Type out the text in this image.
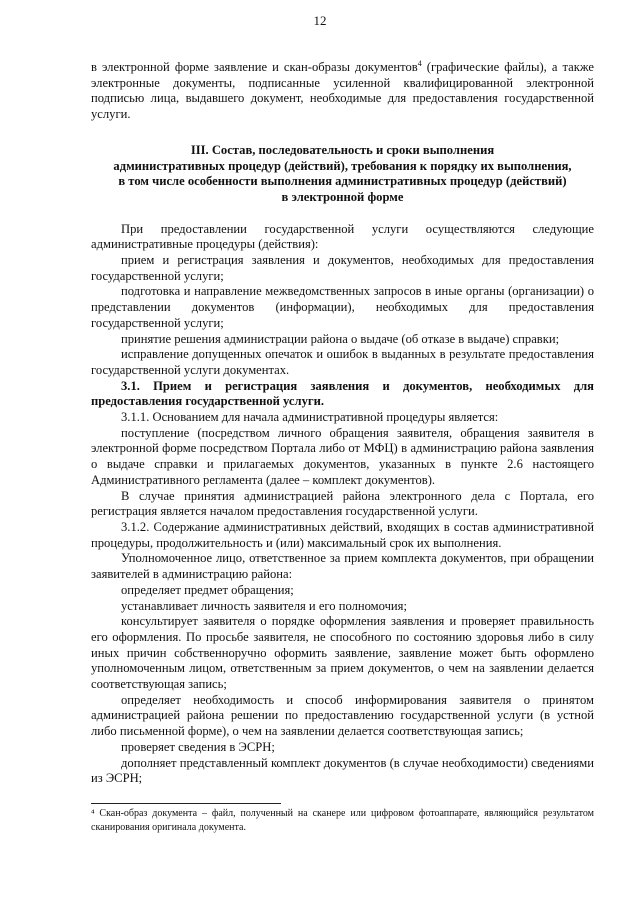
12

в электронной форме заявление и скан-образы документов$^4$ (графические файлы), а также электронные документы, подписанные усиленной квалифицированной электронной подписью лица, выдавшего документ, необходимые для предоставления государственной услуги.

III. Состав, последовательность и сроки выполнения
административных процедур (действий), требования к порядку их выполнения,
в том числе особенности выполнения административных процедур (действий)
в электронной форме

При предоставлении государственной услуги осуществляются следующие административные процедуры (действия):

прием и регистрация заявления и документов, необходимых для предоставления государственной услуги;

подготовка и направление межведомственных запросов в иные органы (организации) о представлении документов (информации), необходимых для предоставления государственной услуги;

принятие решения администрации района о выдаче (об отказе в выдаче) справки;

исправление допущенных опечаток и ошибок в выданных в результате предоставления государственной услуги документах.

3.1. Прием и регистрация заявления и документов, необходимых для предоставления государственной услуги.

3.1.1. Основанием для начала административной процедуры является:

поступление (посредством личного обращения заявителя, обращения заявителя в электронной форме посредством Портала либо от МФЦ) в администрацию района заявления о выдаче справки и прилагаемых документов, указанных в пункте 2.6 настоящего Административного регламента (далее – комплект документов).

В случае принятия администрацией района электронного дела с Портала, его регистрация является началом предоставления государственной услуги.

3.1.2. Содержание административных действий, входящих в состав административной процедуры, продолжительность и (или) максимальный срок их выполнения.

Уполномоченное лицо, ответственное за прием комплекта документов, при обращении заявителей в администрацию района:

определяет предмет обращения;

устанавливает личность заявителя и его полномочия;

консультирует заявителя о порядке оформления заявления и проверяет правильность его оформления. По просьбе заявителя, не способного по состоянию здоровья либо в силу иных причин собственноручно оформить заявление, заявление может быть оформлено уполномоченным лицом, ответственным за прием документов, о чем на заявлении делается соответствующая запись;

определяет необходимость и способ информирования заявителя о принятом администрацией района решении по предоставлению государственной услуги (в устной либо письменной форме), о чем на заявлении делается соответствующая запись;

проверяет сведения в ЭСРН;

дополняет представленный комплект документов (в случае необходимости) сведениями из ЭСРН;

⁴ Скан-образ документа – файл, полученный на сканере или цифровом фотоаппарате, являющийся результатом сканирования оригинала документа.
